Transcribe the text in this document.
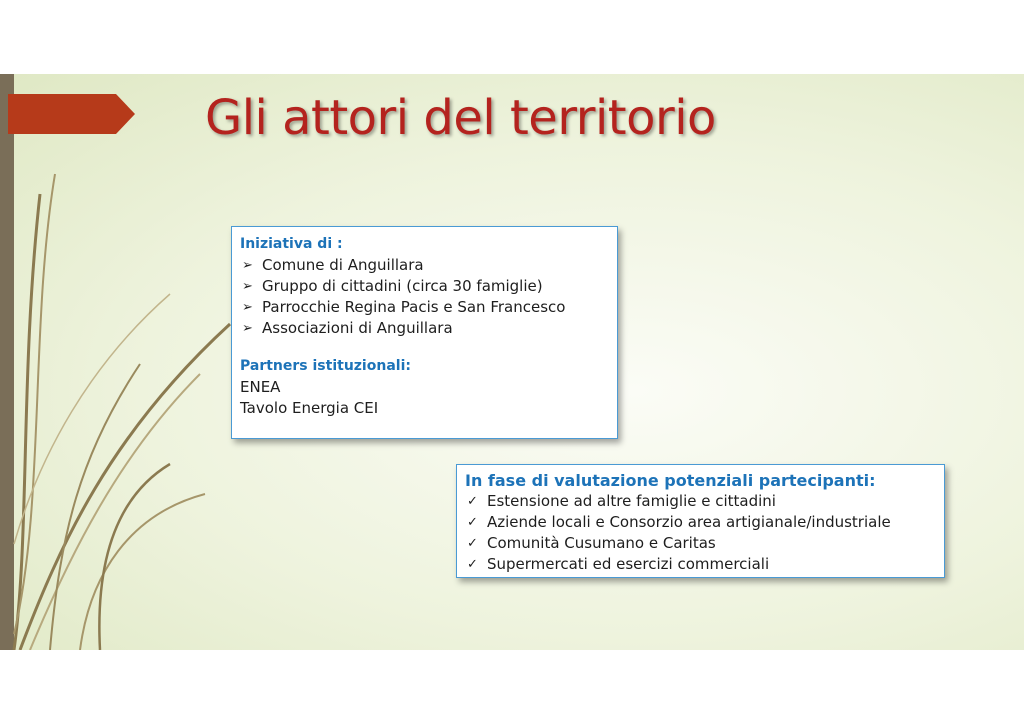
Gli attori del territorio
Iniziativa di :
➢ Comune di Anguillara
➢ Gruppo di cittadini (circa 30 famiglie)
➢ Parrocchie Regina Pacis e San Francesco
➢ Associazioni di Anguillara
Partners istituzionali:
ENEA
Tavolo Energia CEI
In fase di valutazione potenziali partecipanti:
✓ Estensione ad altre famiglie e cittadini
✓ Aziende locali e Consorzio area artigianale/industriale
✓ Comunità Cusumano e Caritas
✓ Supermercati ed esercizi commerciali
